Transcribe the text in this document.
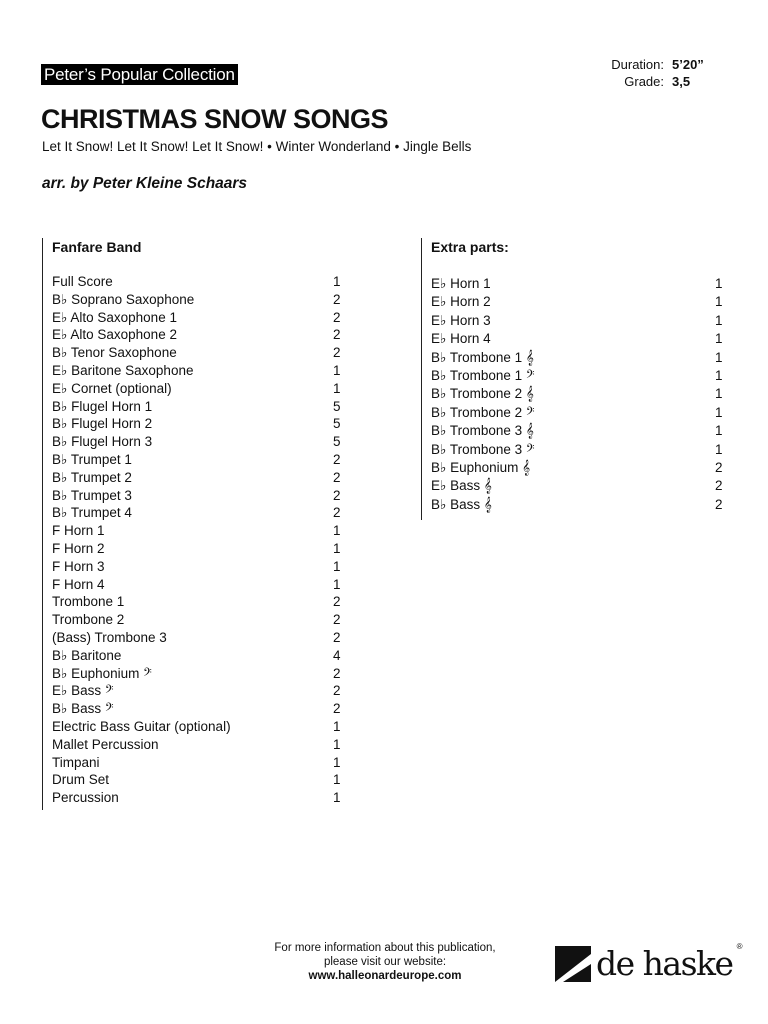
Peter’s Popular Collection
Duration: 5’20”
Grade: 3,5
CHRISTMAS SNOW SONGS
Let It Snow! Let It Snow! Let It Snow! • Winter Wonderland • Jingle Bells
arr. by Peter Kleine Schaars
Fanfare Band
Full Score	1
B♭ Soprano Saxophone	2
E♭ Alto Saxophone 1	2
E♭ Alto Saxophone 2	2
B♭ Tenor Saxophone	2
E♭ Baritone Saxophone	1
E♭ Cornet (optional)	1
B♭ Flugel Horn 1	5
B♭ Flugel Horn 2	5
B♭ Flugel Horn 3	5
B♭ Trumpet 1	2
B♭ Trumpet 2	2
B♭ Trumpet 3	2
B♭ Trumpet 4	2
F Horn 1	1
F Horn 2	1
F Horn 3	1
F Horn 4	1
Trombone 1	2
Trombone 2	2
(Bass) Trombone 3	2
B♭ Baritone	4
B♭ Euphonium 𝄢	2
E♭ Bass 𝄢	2
B♭ Bass 𝄢	2
Electric Bass Guitar (optional)	1
Mallet Percussion	1
Timpani	1
Drum Set	1
Percussion	1
Extra parts:
E♭ Horn 1	1
E♭ Horn 2	1
E♭ Horn 3	1
E♭ Horn 4	1
B♭ Trombone 1 𝄞	1
B♭ Trombone 1 𝄢	1
B♭ Trombone 2 𝄞	1
B♭ Trombone 2 𝄢	1
B♭ Trombone 3 𝄞	1
B♭ Trombone 3 𝄢	1
B♭ Euphonium 𝄞	2
E♭ Bass 𝄞	2
B♭ Bass 𝄞	2
For more information about this publication,
please visit our website:
www.halleonardeurope.com	de haske ®
